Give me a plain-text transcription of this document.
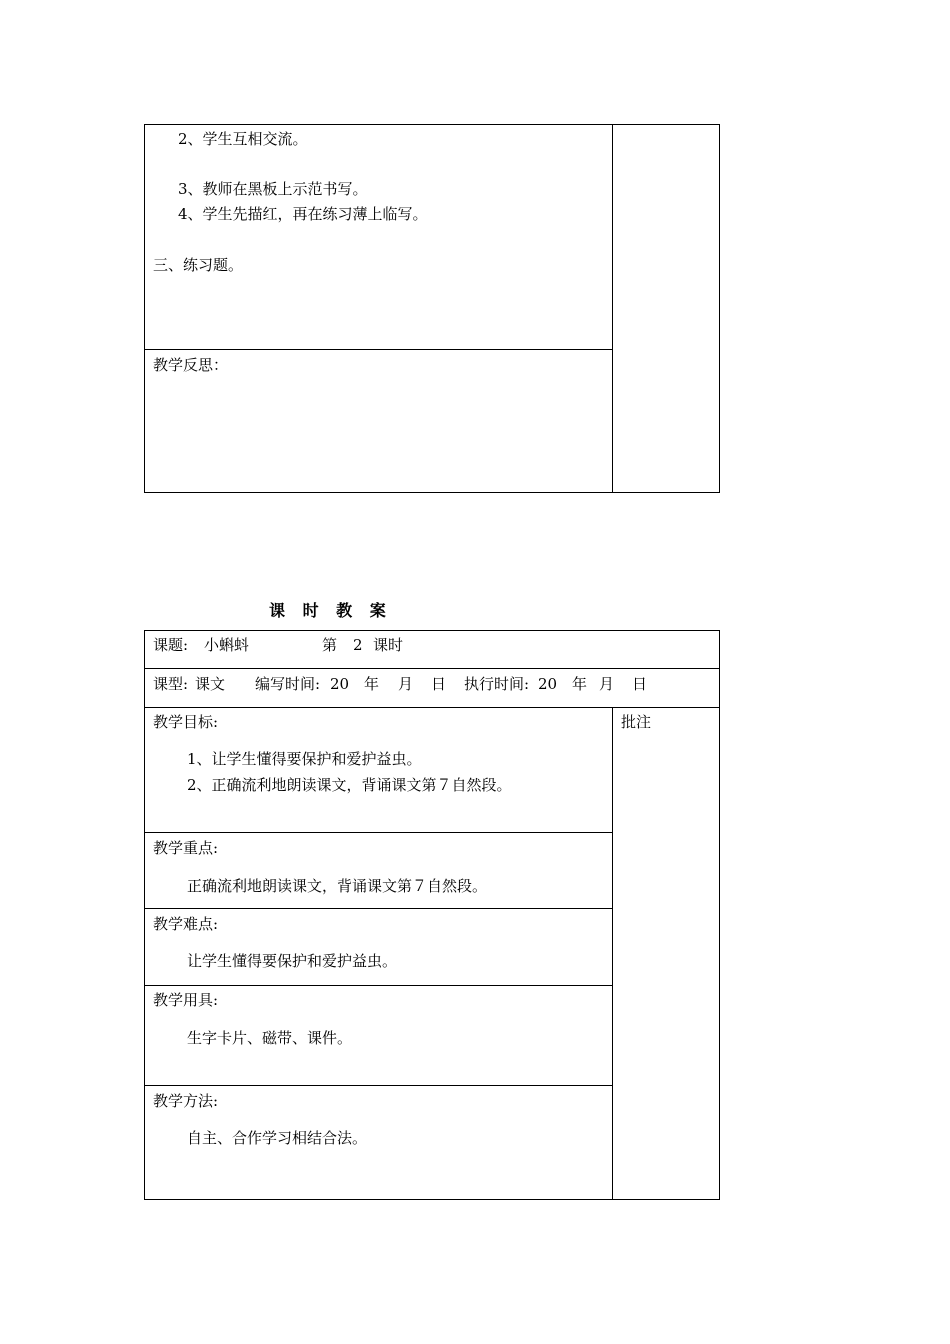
2、学生互相交流。
3、教师在黑板上示范书写。
4、学生先描红，再在练习薄上临写。
三、练习题。
教学反思：
课 时 教 案
课题: 小蝌蚪	第 2 课时
课型: 课文 编写时间: 20 年 月 日 执行时间: 20 年 月 日
批注
教学目标:
1、让学生懂得要保护和爱护益虫。
2、正确流利地朗读课文，背诵课文第７自然段。
教学重点:
正确流利地朗读课文，背诵课文第７自然段。
教学难点:
让学生懂得要保护和爱护益虫。
教学用具:
生字卡片、磁带、课件。
教学方法:
自主、合作学习相结合法。
